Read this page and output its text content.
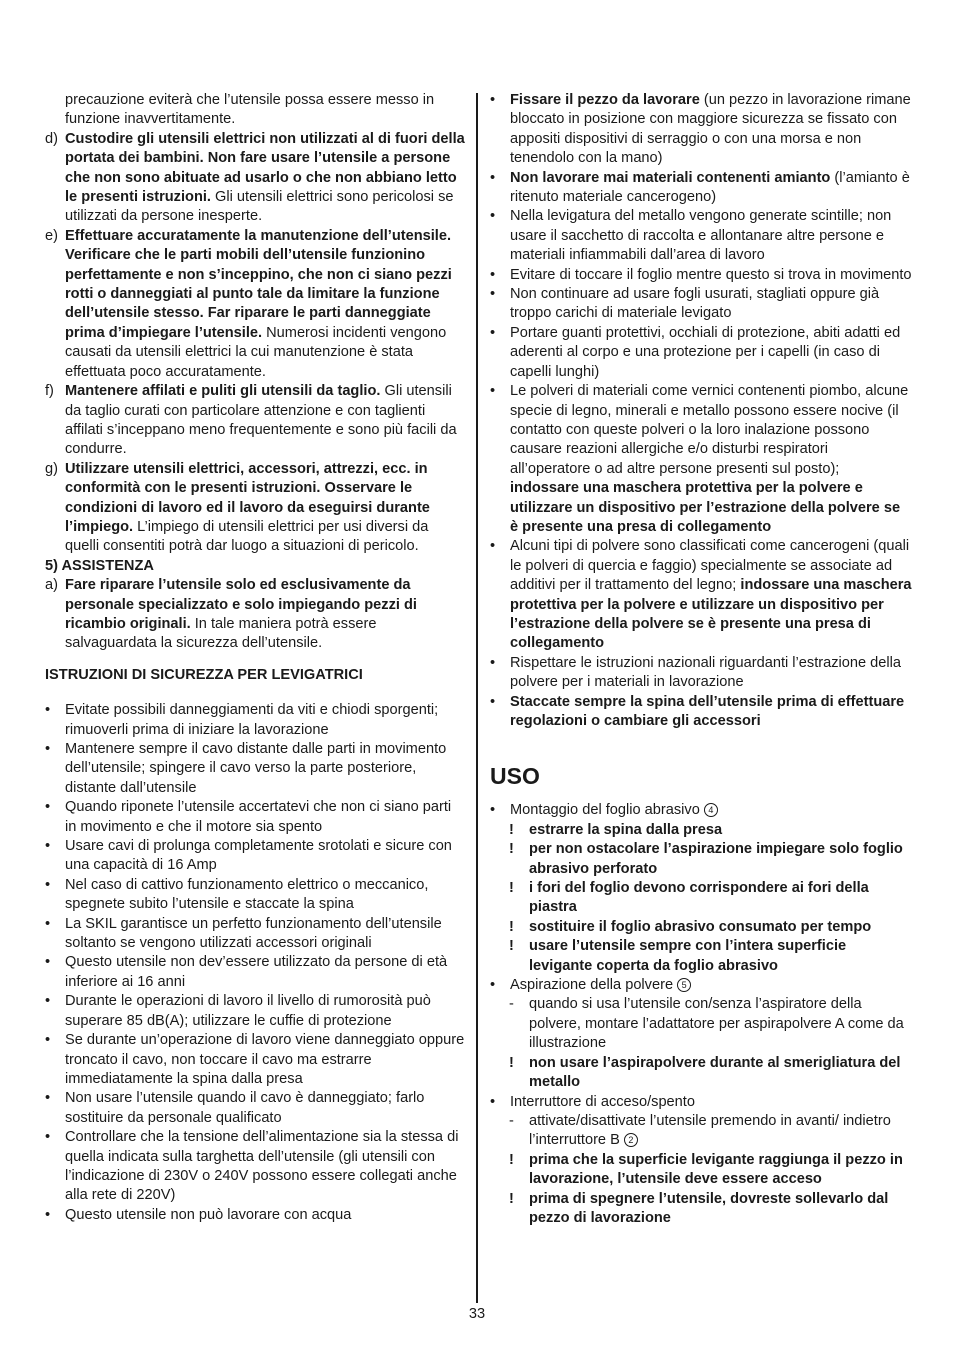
precauzione eviterà che l’utensile possa essere messo in funzione inavvertitamente.
d) Custodire gli utensili elettrici non utilizzati al di fuori della portata dei bambini. Non fare usare l’utensile a persone che non sono abituate ad usarlo o che non abbiano letto le presenti istruzioni. Gli utensili elettrici sono pericolosi se utilizzati da persone inesperte.
e) Effettuare accuratamente la manutenzione dell’utensile. Verificare che le parti mobili dell’utensile funzionino perfettamente e non s’inceppino, che non ci siano pezzi rotti o danneggiati al punto tale da limitare la funzione dell’utensile stesso. Far riparare le parti danneggiate prima d’impiegare l’utensile. Numerosi incidenti vengono causati da utensili elettrici la cui manutenzione è stata effettuata poco accuratamente.
f) Mantenere affilati e puliti gli utensili da taglio. Gli utensili da taglio curati con particolare attenzione e con taglienti affilati s’inceppano meno frequentemente e sono più facili da condurre.
g) Utilizzare utensili elettrici, accessori, attrezzi, ecc. in conformità con le presenti istruzioni. Osservare le condizioni di lavoro ed il lavoro da eseguirsi durante l’impiego. L’impiego di utensili elettrici per usi diversi da quelli consentiti potrà dar luogo a situazioni di pericolo.
5) ASSISTENZA
a) Fare riparare l’utensile solo ed esclusivamente da personale specializzato e solo impiegando pezzi di ricambio originali. In tale maniera potrà essere salvaguardata la sicurezza dell’utensile.
ISTRUZIONI DI SICUREZZA PER LEVIGATRICI
• Evitate possibili danneggiamenti da viti e chiodi sporgenti; rimuoverli prima di iniziare la lavorazione
• Mantenere sempre il cavo distante dalle parti in movimento dell’utensile; spingere il cavo verso la parte posteriore, distante dall’utensile
• Quando riponete l’utensile accertatevi che non ci siano parti in movimento e che il motore sia spento
• Usare cavi di prolunga completamente srotolati e sicure con una capacità di 16 Amp
• Nel caso di cattivo funzionamento elettrico o meccanico, spegnete subito l’utensile e staccate la spina
• La SKIL garantisce un perfetto funzionamento dell’utensile soltanto se vengono utilizzati accessori originali
• Questo utensile non dev’essere utilizzato da persone di età inferiore ai 16 anni
• Durante le operazioni di lavoro il livello di rumorosità può superare 85 dB(A); utilizzare le cuffie di protezione
• Se durante un’operazione di lavoro viene danneggiato oppure troncato il cavo, non toccare il cavo ma estrarre immediatamente la spina dalla presa
• Non usare l’utensile quando il cavo è danneggiato; farlo sostituire da personale qualificato
• Controllare che la tensione dell’alimentazione sia la stessa di quella indicata sulla targhetta dell’utensile (gli utensili con l’indicazione di 230V o 240V possono essere collegati anche alla rete di 220V)
• Questo utensile non può lavorare con acqua
• Fissare il pezzo da lavorare (un pezzo in lavorazione rimane bloccato in posizione con maggiore sicurezza se fissato con appositi dispositivi di serraggio o con una morsa e non tenendolo con la mano)
• Non lavorare mai materiali contenenti amianto (l’amianto è ritenuto materiale cancerogeno)
• Nella levigatura del metallo vengono generate scintille; non usare il sacchetto di raccolta e allontanare altre persone e materiali infiammabili dall’area di lavoro
• Evitare di toccare il foglio mentre questo si trova in movimento
• Non continuare ad usare fogli usurati, stagliati oppure già troppo carichi di materiale levigato
• Portare guanti protettivi, occhiali di protezione, abiti adatti ed aderenti al corpo e una protezione per i capelli (in caso di capelli lunghi)
• Le polveri di materiali come vernici contenenti piombo, alcune specie di legno, minerali e metallo possono essere nocive (il contatto con queste polveri o la loro inalazione possono causare reazioni allergiche e/o disturbi respiratori all’operatore o ad altre persone presenti sul posto); indossare una maschera protettiva per la polvere e utilizzare un dispositivo per l’estrazione della polvere se è presente una presa di collegamento
• Alcuni tipi di polvere sono classificati come cancerogeni (quali le polveri di quercia e faggio) specialmente se associate ad additivi per il trattamento del legno; indossare una maschera protettiva per la polvere e utilizzare un dispositivo per l’estrazione della polvere se è presente una presa di collegamento
• Rispettare le istruzioni nazionali riguardanti l’estrazione della polvere per i materiali in lavorazione
• Staccate sempre la spina dell’utensile prima di effettuare regolazioni o cambiare gli accessori
USO
• Montaggio del foglio abrasivo 4
! estrarre la spina dalla presa
! per non ostacolare l’aspirazione impiegare solo foglio abrasivo perforato
! i fori del foglio devono corrispondere ai fori della piastra
! sostituire il foglio abrasivo consumato per tempo
! usare l’utensile sempre con l’intera superficie levigante coperta da foglio abrasivo
• Aspirazione della polvere 5
- quando si usa l’utensile con/senza l’aspiratore della polvere, montare l’adattatore per aspirapolvere A come da illustrazione
! non usare l’aspirapolvere durante al smerigliatura del metallo
• Interruttore di acceso/spento
- attivate/disattivate l’utensile premendo in avanti/ indietro l’interruttore B 2
! prima che la superficie levigante raggiunga il pezzo in lavorazione, l’utensile deve essere acceso
! prima di spegnere l’utensile, dovreste sollevarlo dal pezzo di lavorazione
33
